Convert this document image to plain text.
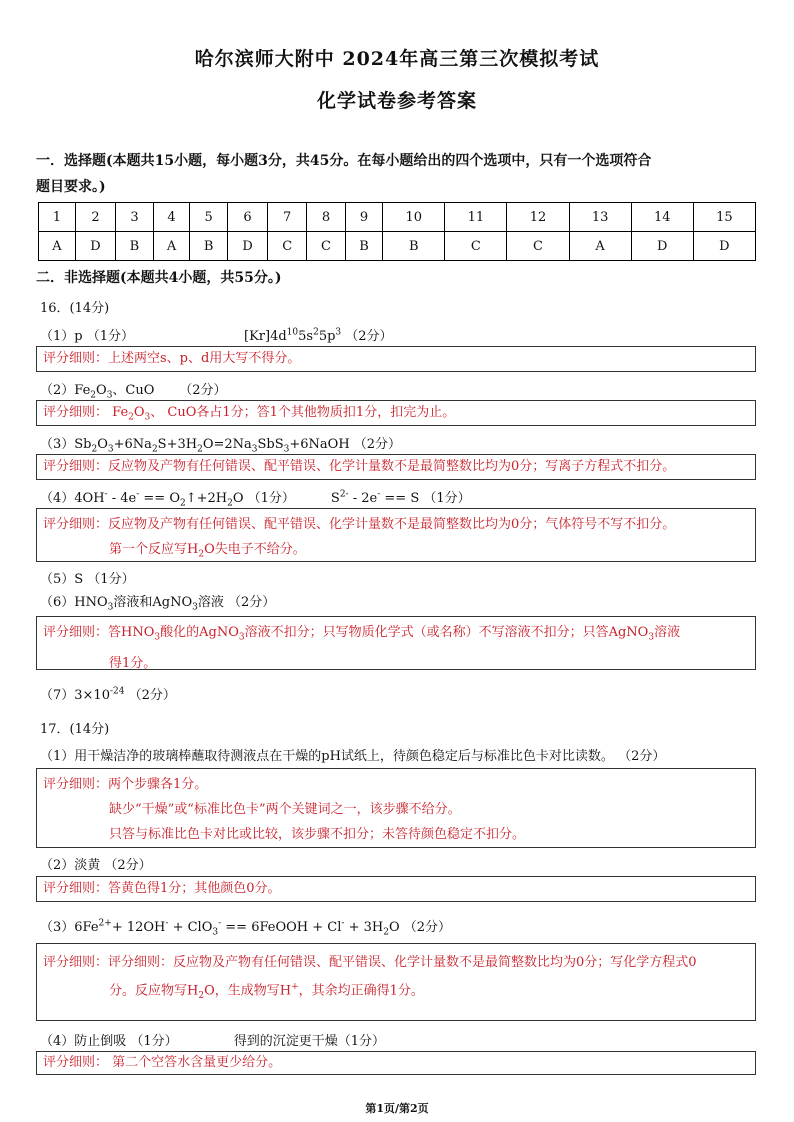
哈尔滨师大附中 2024年高三第三次模拟考试
化学试卷参考答案
一．选择题(本题共15小题，每小题3分，共45分。在每小题给出的四个选项中，只有一个选项符合
题目要求。)
1	2	3	4	5	6	7	8	9	10	11	12	13	14	15
A	D	B	A	B	D	C	C	B	B	C	C	A	D	D
二．非选择题(本题共4小题，共55分。)
16．(14分)
（1）p （1分）	$[Kr]4d^{10}5s^25p^3$ （2分）
评分细则：上述两空s、p、d用大写不得分。
$(2)Fe_2O_3$、CuO      （2分）
评分细则： $Fe_2O_3$、 CuO各占1分；答1个其他物质扣1分，扣完为止。
$(3)Sb_2O_3+6Na_2S+3H_2O=2Na_3SbS_3+6NaOH$ （2分）
评分细则：反应物及产物有任何错误、配平错误、化学计量数不是最简整数比均为0分；写离子方程式不扣分。
$(4)4OH^- - 4e^- == O_2↑+2H_2O$ （1分）	$S^{2-} - 2e^- == S$ （1分）
评分细则：反应物及产物有任何错误、配平错误、化学计量数不是最简整数比均为0分；气体符号不写不扣分。
第一个反应写$H_2O$失电子不给分。
（5）S （1分）
$(6)HNO_3$溶液和AgNO$_3$溶液 （2分）
评分细则：答$HNO_3$酸化的AgNO$_3$溶液不扣分；只写物质化学式（或名称）不写溶液不扣分；只答AgNO$_3$溶液
得1分。
$(7)3\times 10^{-24}$ （2分）
17．(14分)
（1）用干燥洁净的玻璃棒蘸取待测液点在干燥的pH试纸上，待颜色稳定后与标准比色卡对比读数。 （2分）
评分细则：两个步骤各1分。
缺少“干燥”或“标准比色卡”两个关键词之一，该步骤不给分。
只答与标准比色卡对比或比较，该步骤不扣分；未答待颜色稳定不扣分。
（2）淡黄 （2分）
评分细则：答黄色得1分；其他颜色0分。
$(3)6Fe^{2+}+ 12OH^- + ClO_3^-$ == 6FeOOH + $Cl^- + 3H_2O$ （2分）
评分细则：评分细则：反应物及产物有任何错误、配平错误、化学计量数不是最简整数比均为0分；写化学方程式0
分。反应物写$H_2O$，生成物写H+，其余均正确得1分。
（4）防止倒吸 （1分）	得到的沉淀更干燥（1分）
评分细则： 第二个空答水含量更少给分。
第1页/第2页
